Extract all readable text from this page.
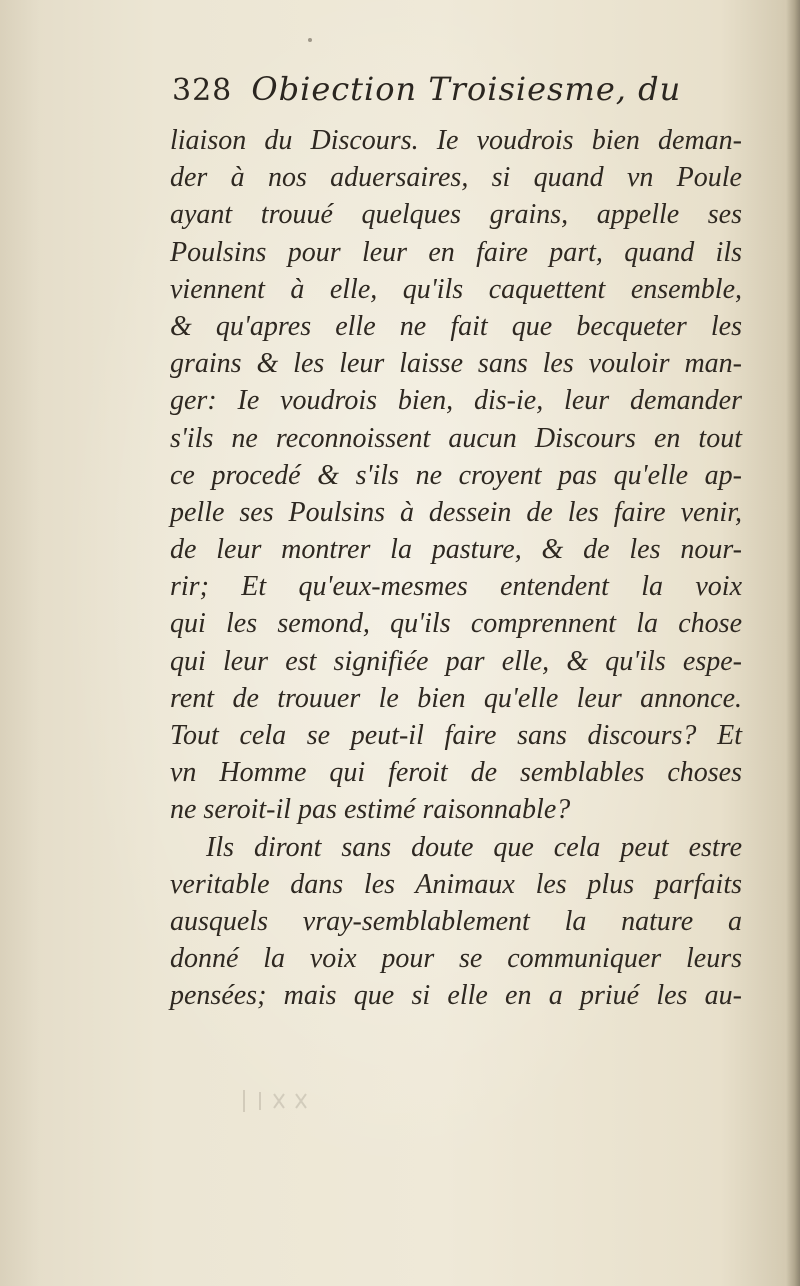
328 Obiection Troisiesme, du
liaison du Discours. Ie voudrois bien deman-
der à nos aduersaires, si quand vn Poule
ayant trouué quelques grains, appelle ses
Poulsins pour leur en faire part, quand ils
viennent à elle, qu'ils caquettent ensemble,
& qu'apres elle ne fait que becqueter les
grains & les leur laisse sans les vouloir man-
ger: Ie voudrois bien, dis-ie, leur demander
s'ils ne reconnoissent aucun Discours en tout
ce procedé & s'ils ne croyent pas qu'elle ap-
pelle ses Poulsins à dessein de les faire venir,
de leur montrer la pasture, & de les nour-
rir; Et qu'eux-mesmes entendent la voix
qui les semond, qu'ils comprennent la chose
qui leur est signifiée par elle, & qu'ils espe-
rent de trouuer le bien qu'elle leur annonce.
Tout cela se peut-il faire sans discours? Et
vn Homme qui feroit de semblables choses
ne seroit-il pas estimé raisonnable?
Ils diront sans doute que cela peut estre
veritable dans les Animaux les plus parfaits
ausquels vray-semblablement la nature a
donné la voix pour se communiquer leurs
pensées; mais que si elle en a priué les au-
